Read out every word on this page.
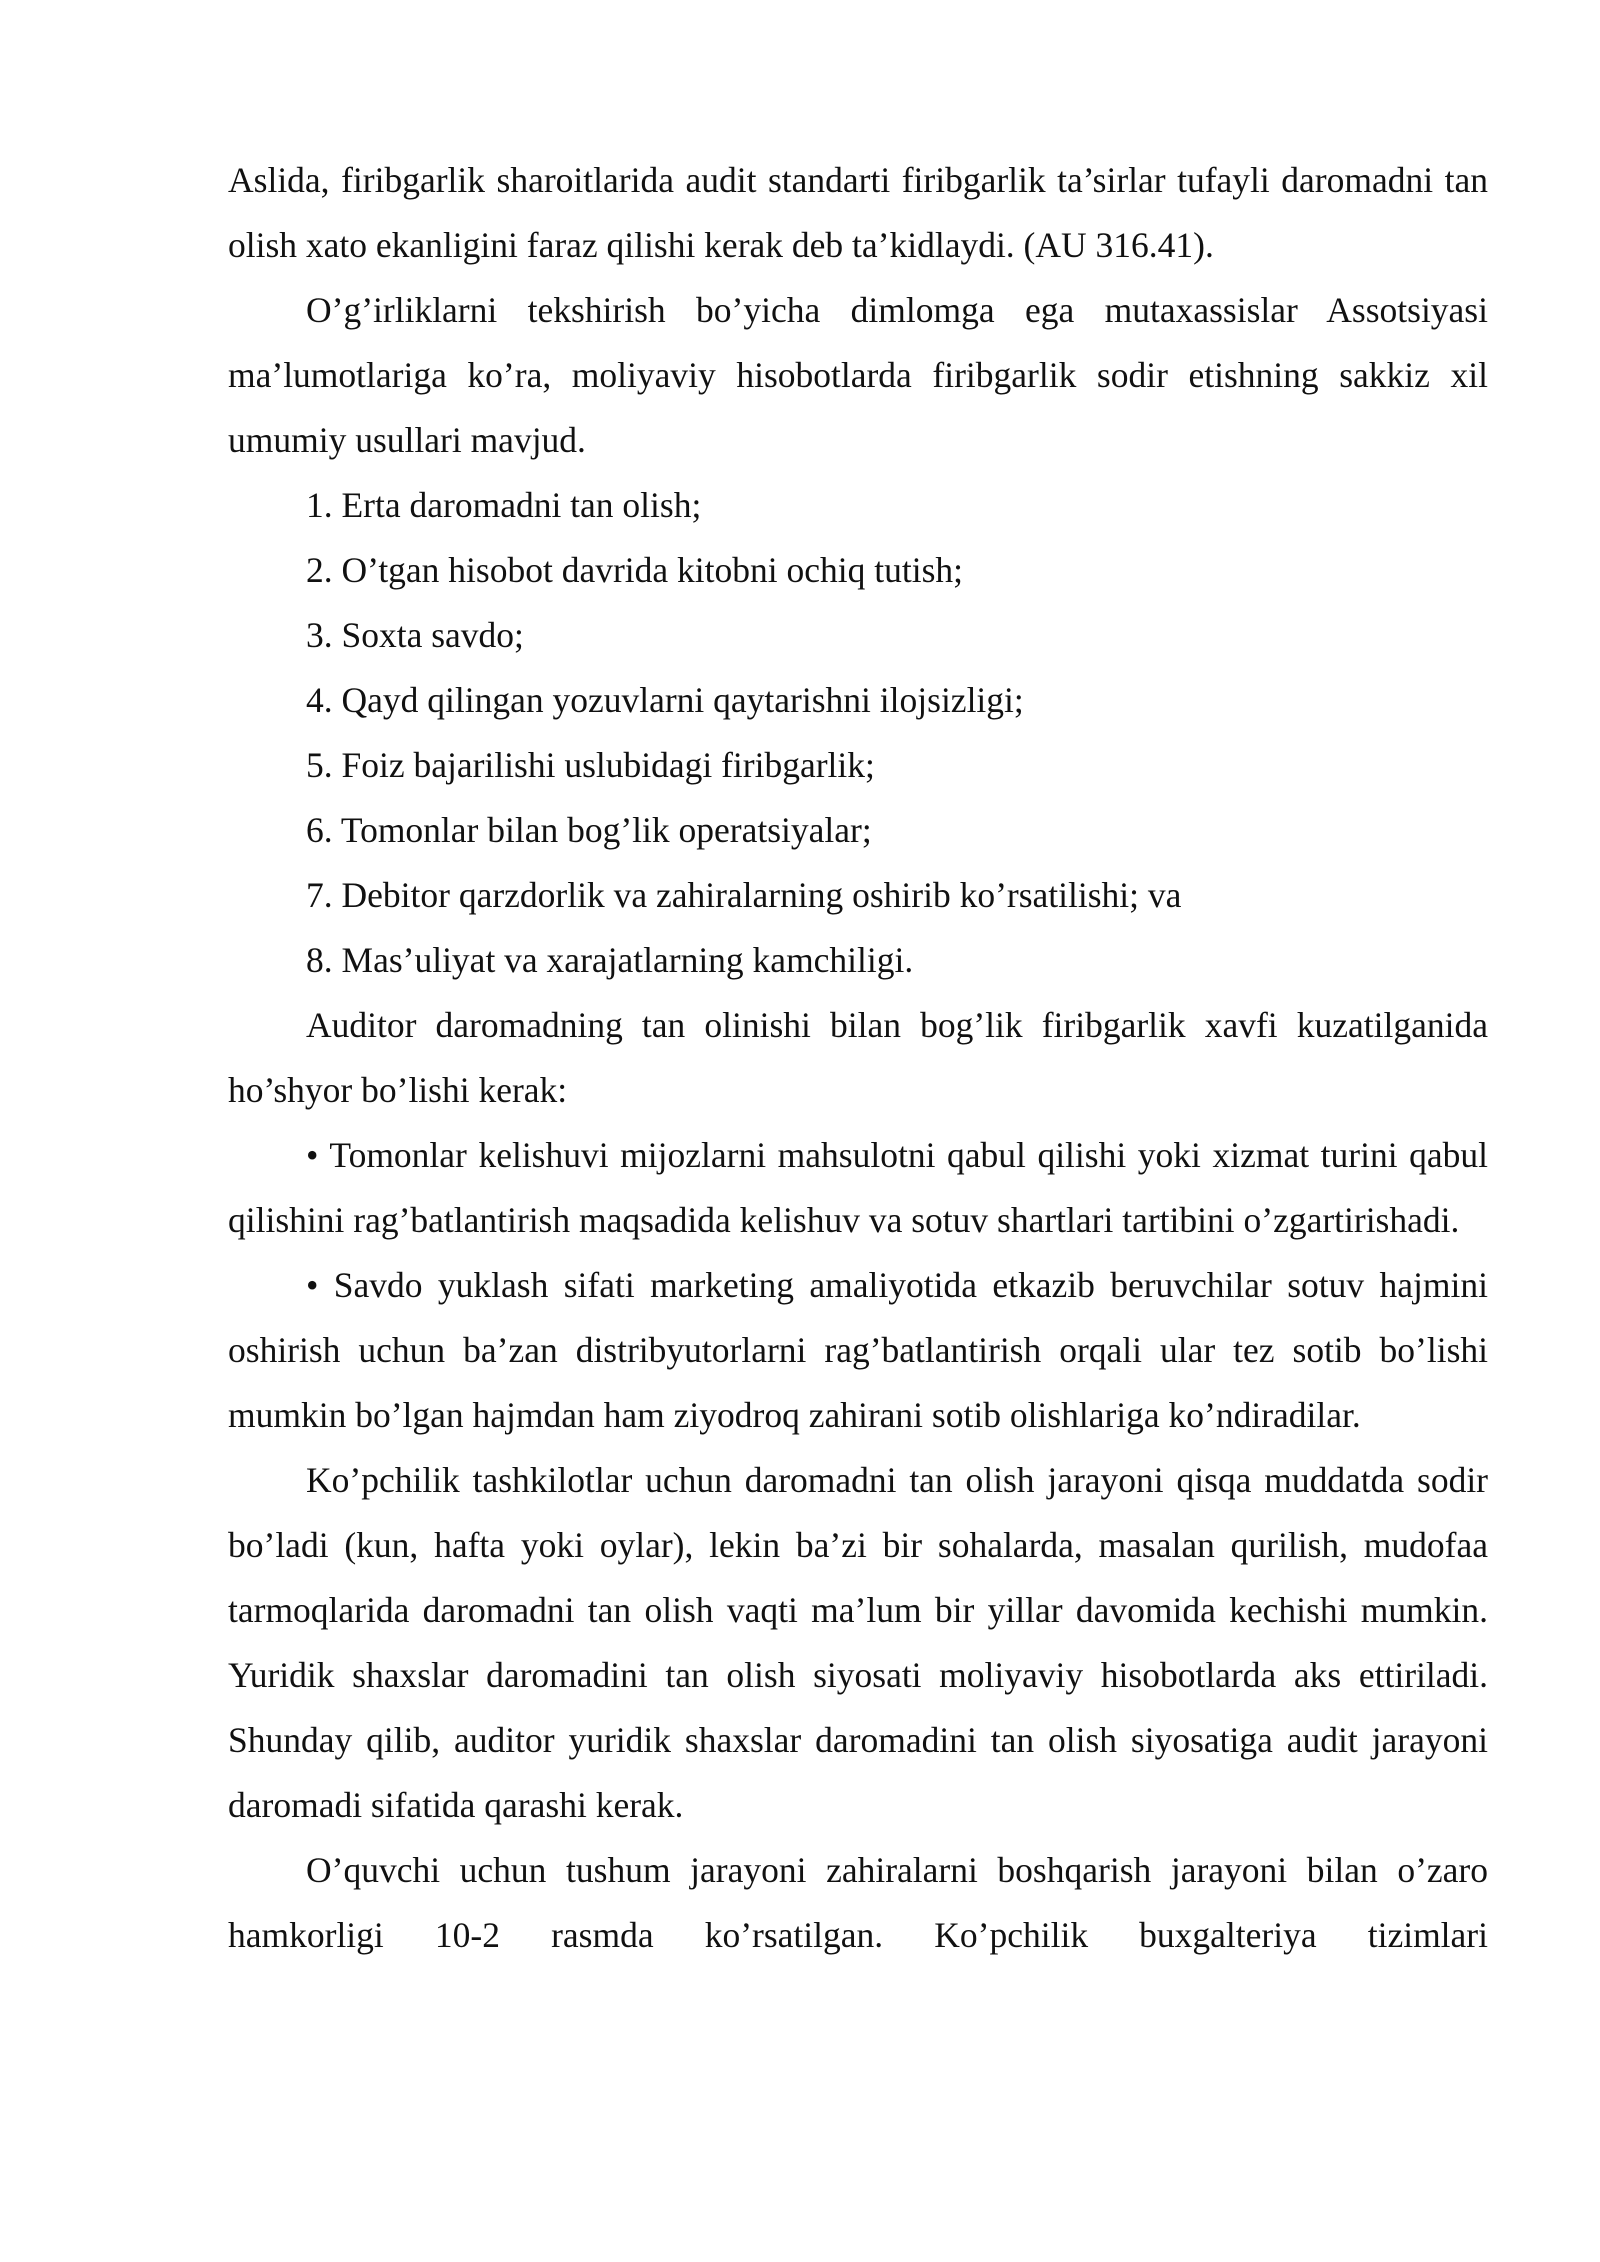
Aslida, firibgarlik sharoitlarida audit standarti firibgarlik ta’sirlar tufayli daromadni tan olish xato ekanligini faraz qilishi kerak deb ta’kidlaydi. (AU 316.41).

O’g’irliklarni tekshirish bo’yicha dimlomga ega mutaxassislar Assotsiyasi ma’lumotlariga ko’ra, moliyaviy hisobotlarda firibgarlik sodir etishning sakkiz xil umumiy usullari mavjud.

1. Erta daromadni tan olish;

2. O’tgan hisobot davrida kitobni ochiq tutish;

3. Soxta savdo;

4. Qayd qilingan yozuvlarni qaytarishni ilojsizligi;

5. Foiz bajarilishi uslubidagi firibgarlik;

6. Tomonlar bilan bog’lik operatsiyalar;

7. Debitor qarzdorlik va zahiralarning oshirib ko’rsatilishi; va

8. Mas’uliyat va xarajatlarning kamchiligi.

Auditor daromadning tan olinishi bilan bog’lik firibgarlik xavfi kuzatilganida ho’shyor bo’lishi kerak:

• Tomonlar kelishuvi mijozlarni mahsulotni qabul qilishi yoki xizmat turini qabul qilishini rag’batlantirish maqsadida kelishuv va sotuv shartlari tartibini o’zgartirishadi.

• Savdo yuklash sifati marketing amaliyotida etkazib beruvchilar sotuv hajmini oshirish uchun ba’zan distribyutorlarni rag’batlantirish orqali ular tez sotib bo’lishi mumkin bo’lgan hajmdan ham ziyodroq zahirani sotib olishlariga ko’ndiradilar.

Ko’pchilik tashkilotlar uchun daromadni tan olish jarayoni qisqa muddatda sodir bo’ladi (kun, hafta yoki oylar), lekin ba’zi bir sohalarda, masalan qurilish, mudofaa tarmoqlarida daromadni tan olish vaqti ma’lum bir yillar davomida kechishi mumkin. Yuridik shaxslar daromadini tan olish siyosati moliyaviy hisobotlarda aks ettiriladi. Shunday qilib, auditor yuridik shaxslar daromadini tan olish siyosatiga audit jarayoni daromadi sifatida qarashi kerak.

O’quvchi uchun tushum jarayoni zahiralarni boshqarish jarayoni bilan o’zaro hamkorligi 10-2 rasmda ko’rsatilgan. Ko’pchilik buxgalteriya tizimlari
